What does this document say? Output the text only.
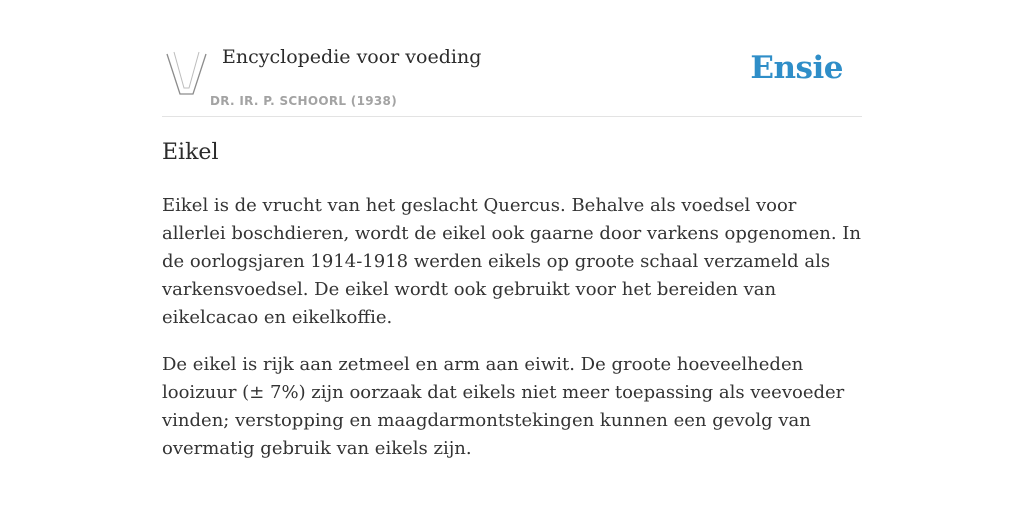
Encyclopedie voor voeding
DR. IR. P. SCHOORL (1938)
Ensie
Eikel

Eikel is de vrucht van het geslacht Quercus. Behalve als voedsel voor allerlei boschdieren, wordt de eikel ook gaarne door varkens opgenomen. In de oorlogsjaren 1914-1918 werden eikels op groote schaal verzameld als varkensvoedsel. De eikel wordt ook gebruikt voor het bereiden van eikelcacao en eikelkoffie.

De eikel is rijk aan zetmeel en arm aan eiwit. De groote hoeveelheden looizuur (± 7%) zijn oorzaak dat eikels niet meer toepassing als veevoeder vinden; verstopping en maagdarmontstekingen kunnen een gevolg van overmatig gebruik van eikels zijn.
